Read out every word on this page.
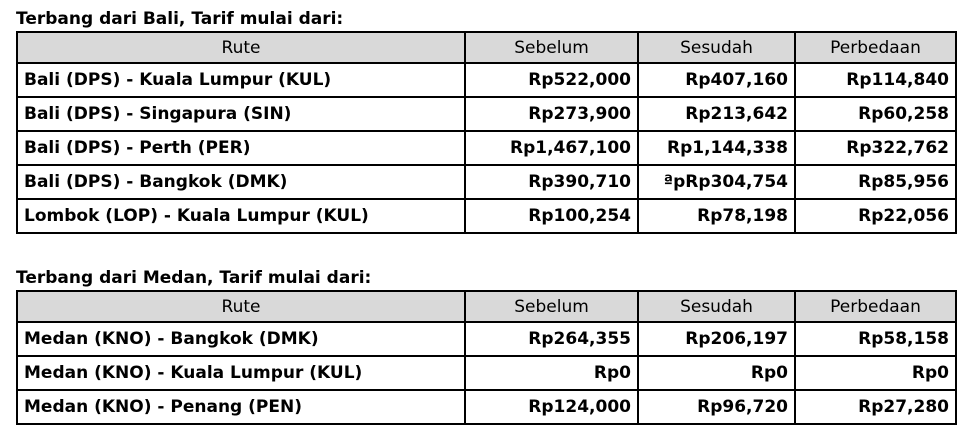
Terbang dari Bali, Tarif mulai dari:
Rute	Sebelum	Sesudah	Perbedaan
Bali (DPS) - Kuala Lumpur (KUL)	Rp522,000	Rp407,160	Rp114,840
Bali (DPS) - Singapura (SIN)	Rp273,900	Rp213,642	Rp60,258
Bali (DPS) - Perth (PER)	Rp1,467,100	Rp1,144,338	Rp322,762
Bali (DPS) - Bangkok (DMK)	Rp390,710	ªpRp304,754	Rp85,956
Lombok (LOP) - Kuala Lumpur (KUL)	Rp100,254	Rp78,198	Rp22,056
Terbang dari Medan, Tarif mulai dari:
Rute	Sebelum	Sesudah	Perbedaan
Medan (KNO) - Bangkok (DMK)	Rp264,355	Rp206,197	Rp58,158
Medan (KNO) - Kuala Lumpur (KUL)	Rp0	Rp0	Rp0
Medan (KNO) - Penang (PEN)	Rp124,000	Rp96,720	Rp27,280
